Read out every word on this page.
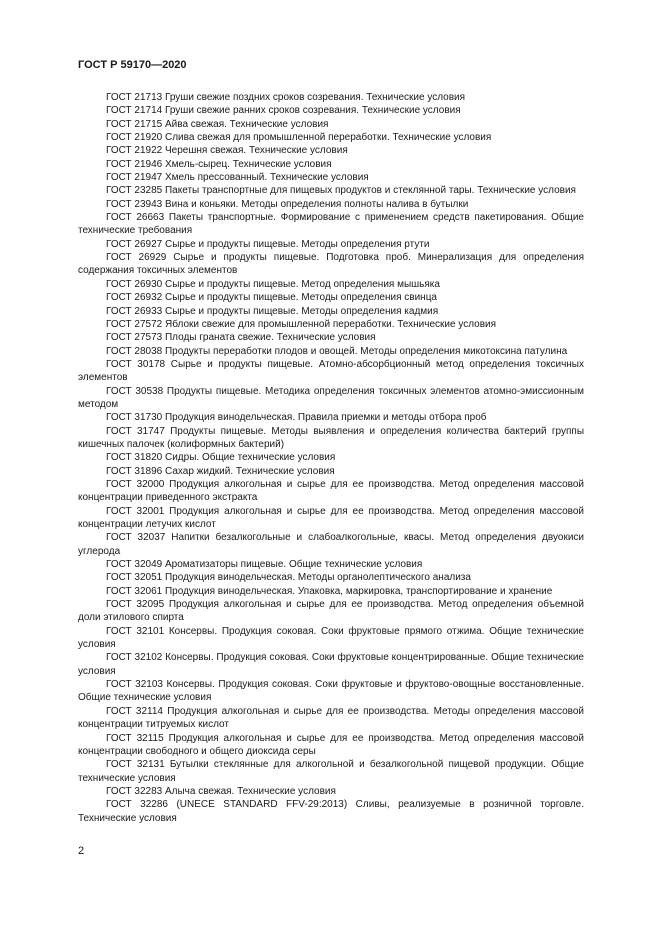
ГОСТ Р 59170—2020
ГОСТ 21713 Груши свежие поздних сроков созревания. Технические условия
ГОСТ 21714 Груши свежие ранних сроков созревания. Технические условия
ГОСТ 21715 Айва свежая. Технические условия
ГОСТ 21920 Слива свежая для промышленной переработки. Технические условия
ГОСТ 21922 Черешня свежая. Технические условия
ГОСТ 21946 Хмель-сырец. Технические условия
ГОСТ 21947 Хмель прессованный. Технические условия
ГОСТ 23285 Пакеты транспортные для пищевых продуктов и стеклянной тары. Технические условия
ГОСТ 23943 Вина и коньяки. Методы определения полноты налива в бутылки
ГОСТ 26663 Пакеты транспортные. Формирование с применением средств пакетирования. Общие технические требования
ГОСТ 26927 Сырье и продукты пищевые. Методы определения ртути
ГОСТ 26929 Сырье и продукты пищевые. Подготовка проб. Минерализация для определения содержания токсичных элементов
ГОСТ 26930 Сырье и продукты пищевые. Метод определения мышьяка
ГОСТ 26932 Сырье и продукты пищевые. Методы определения свинца
ГОСТ 26933 Сырье и продукты пищевые. Методы определения кадмия
ГОСТ 27572 Яблоки свежие для промышленной переработки. Технические условия
ГОСТ 27573 Плоды граната свежие. Технические условия
ГОСТ 28038 Продукты переработки плодов и овощей. Методы определения микотоксина патулина
ГОСТ 30178 Сырье и продукты пищевые. Атомно-абсорбционный метод определения токсичных элементов
ГОСТ 30538 Продукты пищевые. Методика определения токсичных элементов атомно-эмиссионным методом
ГОСТ 31730 Продукция винодельческая. Правила приемки и методы отбора проб
ГОСТ 31747 Продукты пищевые. Методы выявления и определения количества бактерий группы кишечных палочек (колиформных бактерий)
ГОСТ 31820 Сидры. Общие технические условия
ГОСТ 31896 Сахар жидкий. Технические условия
ГОСТ 32000 Продукция алкогольная и сырье для ее производства. Метод определения массовой концентрации приведенного экстракта
ГОСТ 32001 Продукция алкогольная и сырье для ее производства. Метод определения массовой концентрации летучих кислот
ГОСТ 32037 Напитки безалкогольные и слабоалкогольные, квасы. Метод определения двуокиси углерода
ГОСТ 32049 Ароматизаторы пищевые. Общие технические условия
ГОСТ 32051 Продукция винодельческая. Методы органолептического анализа
ГОСТ 32061 Продукция винодельческая. Упаковка, маркировка, транспортирование и хранение
ГОСТ 32095 Продукция алкогольная и сырье для ее производства. Метод определения объемной доли этилового спирта
ГОСТ 32101 Консервы. Продукция соковая. Соки фруктовые прямого отжима. Общие технические условия
ГОСТ 32102 Консервы. Продукция соковая. Соки фруктовые концентрированные. Общие технические условия
ГОСТ 32103 Консервы. Продукция соковая. Соки фруктовые и фруктово-овощные восстановленные. Общие технические условия
ГОСТ 32114 Продукция алкогольная и сырье для ее производства. Методы определения массовой концентрации титруемых кислот
ГОСТ 32115 Продукция алкогольная и сырье для ее производства. Метод определения массовой концентрации свободного и общего диоксида серы
ГОСТ 32131 Бутылки стеклянные для алкогольной и безалкогольной пищевой продукции. Общие технические условия
ГОСТ 32283 Алыча свежая. Технические условия
ГОСТ 32286 (UNECE STANDARD FFV-29:2013) Сливы, реализуемые в розничной торговле. Технические условия
2
